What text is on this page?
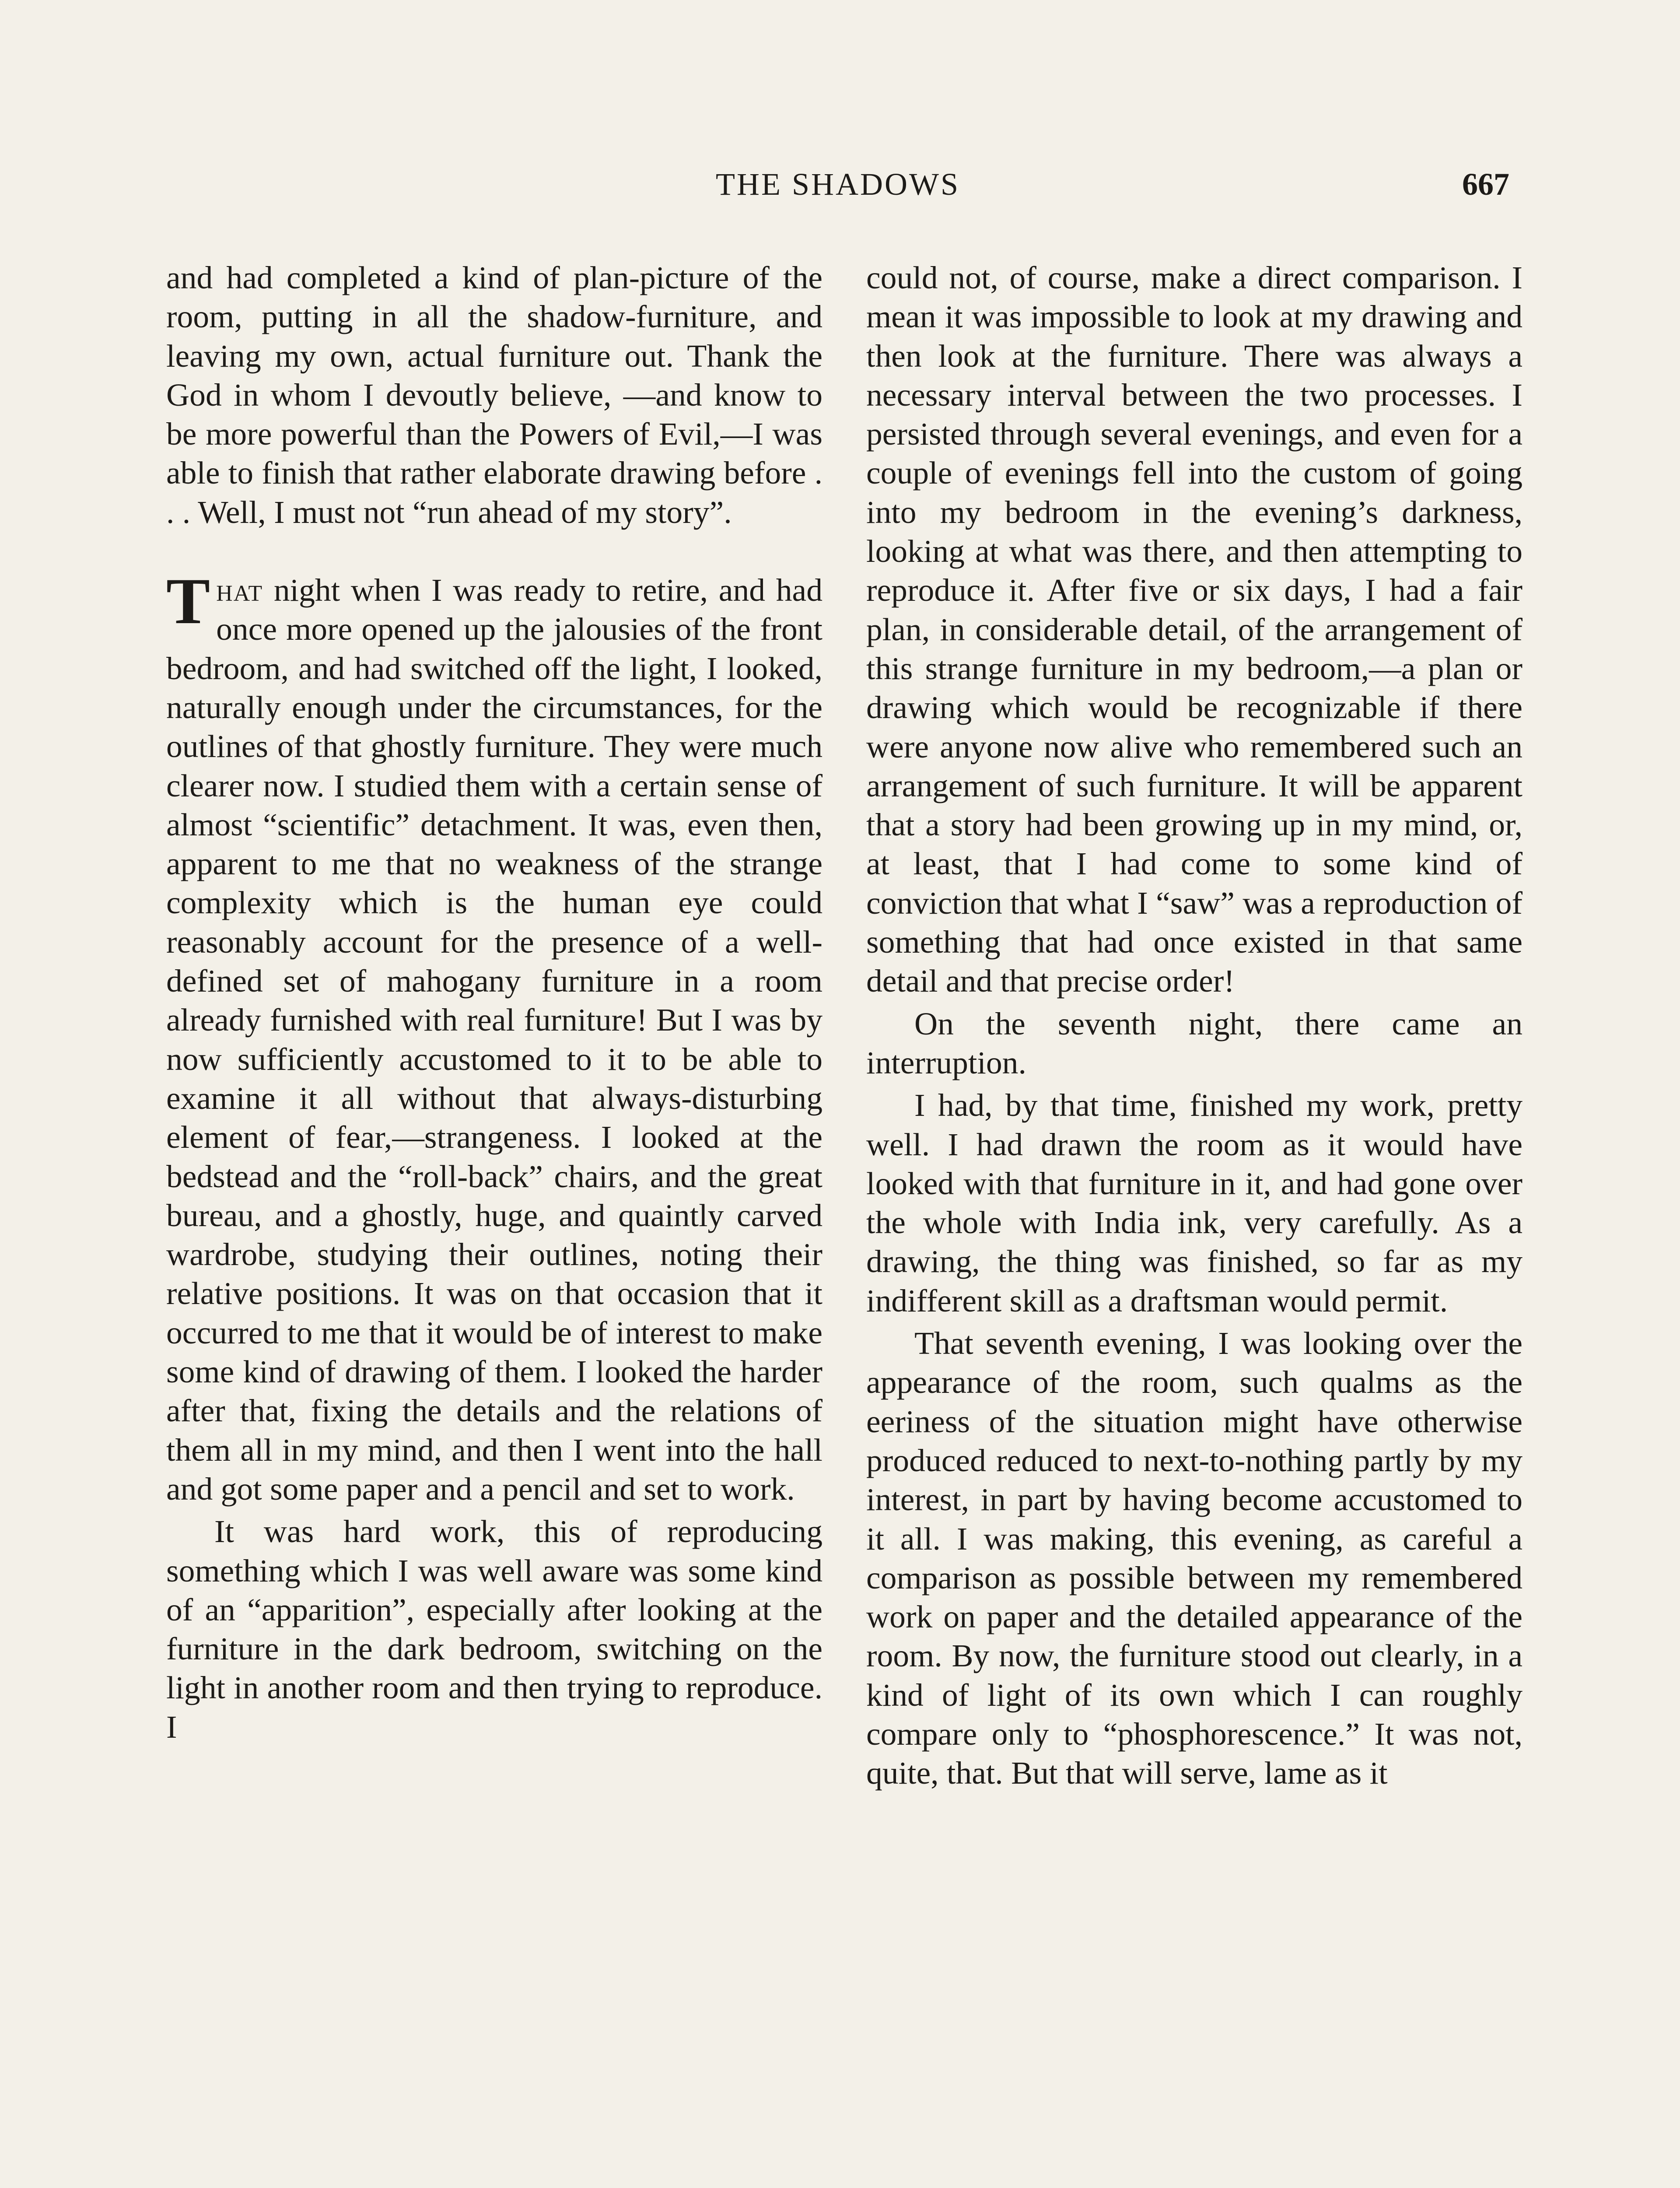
THE SHADOWS	667

and had completed a kind of plan-picture of the room, putting in all the shadow-furniture, and leaving my own, actual furniture out. Thank the God in whom I devoutly believe, —and know to be more powerful than the Powers of Evil,—I was able to finish that rather elaborate drawing before . . . Well, I must not “run ahead of my story”.

That night when I was ready to retire, and had once more opened up the jalousies of the front bedroom, and had switched off the light, I looked, naturally enough under the circumstances, for the outlines of that ghostly furniture. They were much clearer now. I studied them with a certain sense of almost “scientific” detachment. It was, even then, apparent to me that no weakness of the strange complexity which is the human eye could reasonably account for the presence of a well-defined set of mahogany furniture in a room already furnished with real furniture! But I was by now sufficiently accustomed to it to be able to examine it all without that always-disturbing element of fear,—strangeness. I looked at the bedstead and the “roll-back” chairs, and the great bureau, and a ghostly, huge, and quaintly carved wardrobe, studying their outlines, noting their relative positions. It was on that occasion that it occurred to me that it would be of interest to make some kind of drawing of them. I looked the harder after that, fixing the details and the relations of them all in my mind, and then I went into the hall and got some paper and a pencil and set to work.

It was hard work, this of reproducing something which I was well aware was some kind of an “apparition”, especially after looking at the furniture in the dark bedroom, switching on the light in another room and then trying to reproduce. I

could not, of course, make a direct comparison. I mean it was impossible to look at my drawing and then look at the furniture. There was always a necessary interval between the two processes. I persisted through several evenings, and even for a couple of evenings fell into the custom of going into my bedroom in the evening’s darkness, looking at what was there, and then attempting to reproduce it. After five or six days, I had a fair plan, in considerable detail, of the arrangement of this strange furniture in my bedroom,—a plan or drawing which would be recognizable if there were anyone now alive who remembered such an arrangement of such furniture. It will be apparent that a story had been growing up in my mind, or, at least, that I had come to some kind of conviction that what I “saw” was a reproduction of something that had once existed in that same detail and that precise order!

On the seventh night, there came an interruption.

I had, by that time, finished my work, pretty well. I had drawn the room as it would have looked with that furniture in it, and had gone over the whole with India ink, very carefully. As a drawing, the thing was finished, so far as my indifferent skill as a draftsman would permit.

That seventh evening, I was looking over the appearance of the room, such qualms as the eeriness of the situation might have otherwise produced reduced to next-to-nothing partly by my interest, in part by having become accustomed to it all. I was making, this evening, as careful a comparison as possible between my remembered work on paper and the detailed appearance of the room. By now, the furniture stood out clearly, in a kind of light of its own which I can roughly compare only to “phosphorescence.” It was not, quite, that. But that will serve, lame as it
